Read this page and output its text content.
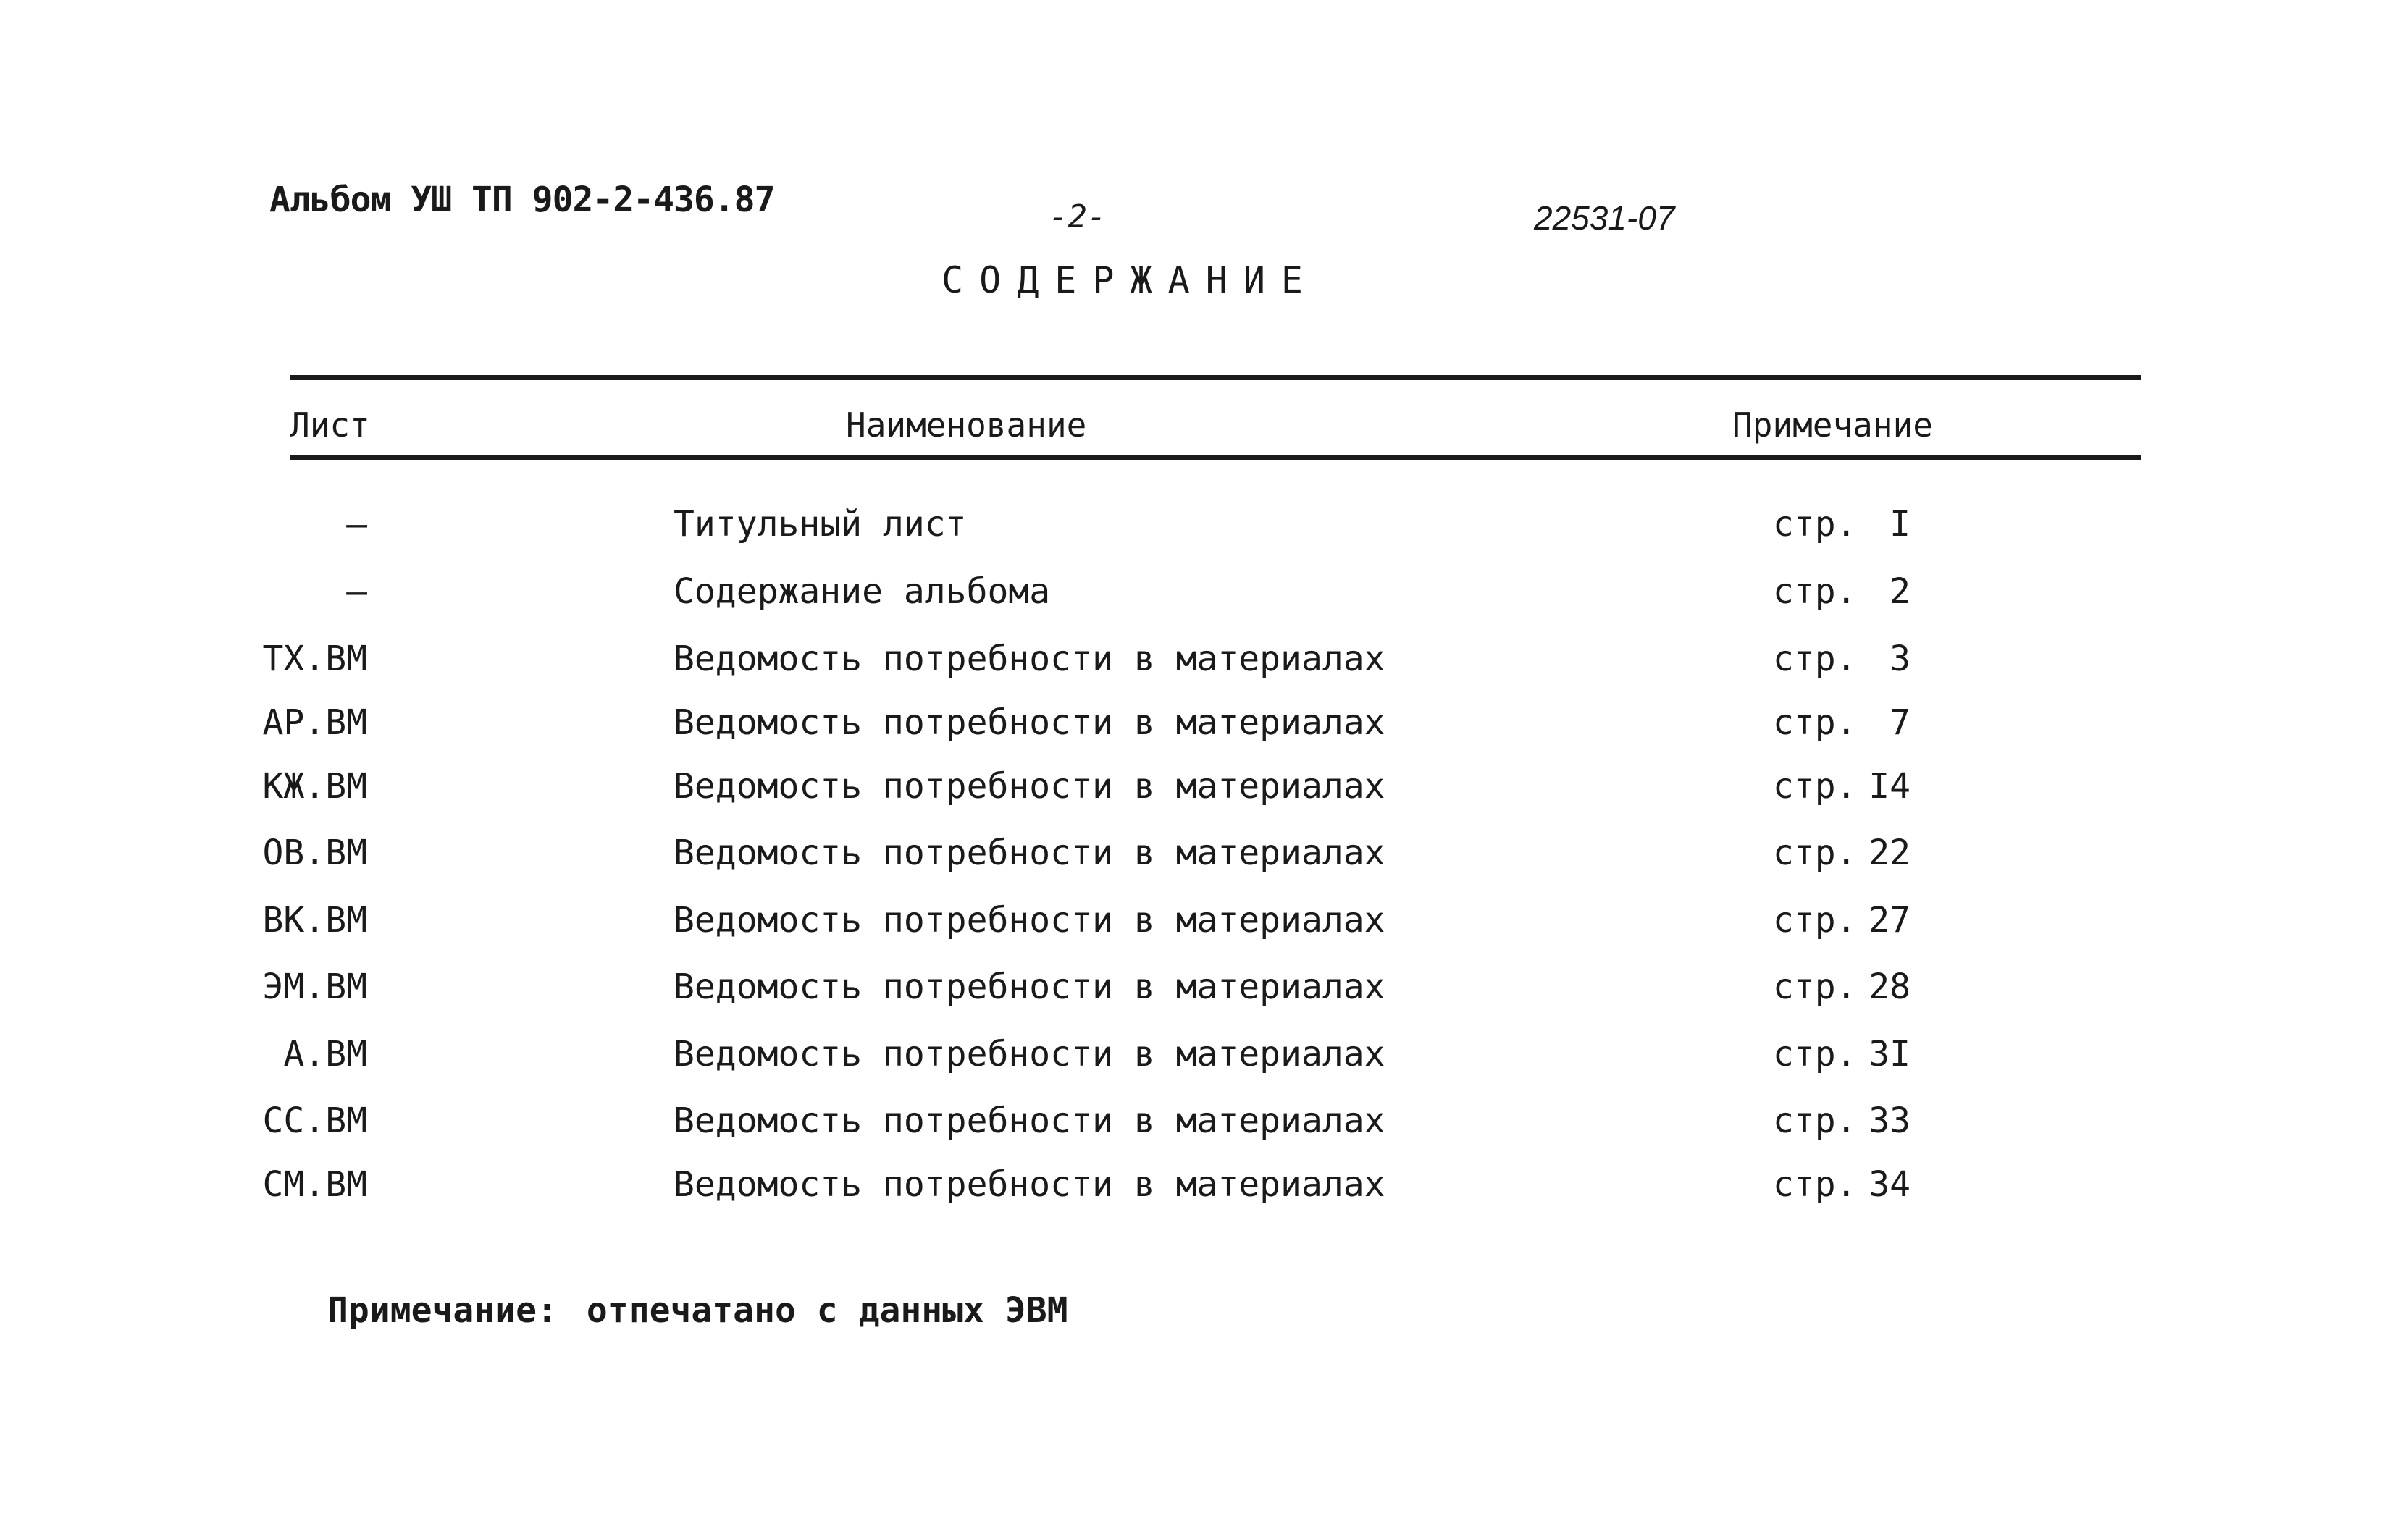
Альбом УШ ТП 902-2-436.87	-2-	22531-07
СОДЕРЖАНИЕ
Лист	Наименование	Примечание
–	Титульный лист	стр. I
–	Содержание альбома	стр. 2
ТХ.ВМ	Ведомость потребности в материалах	стр. 3
АР.ВМ	Ведомость потребности в материалах	стр. 7
КЖ.ВМ	Ведомость потребности в материалах	стр. I4
ОВ.ВМ	Ведомость потребности в материалах	стр. 22
ВК.ВМ	Ведомость потребности в материалах	стр. 27
ЭМ.ВМ	Ведомость потребности в материалах	стр. 28
А.ВМ	Ведомость потребности в материалах	стр. 3I
СС.ВМ	Ведомость потребности в материалах	стр. 33
СМ.ВМ	Ведомость потребности в материалах	стр. 34
Примечание: отпечатано с данных ЭВМ
